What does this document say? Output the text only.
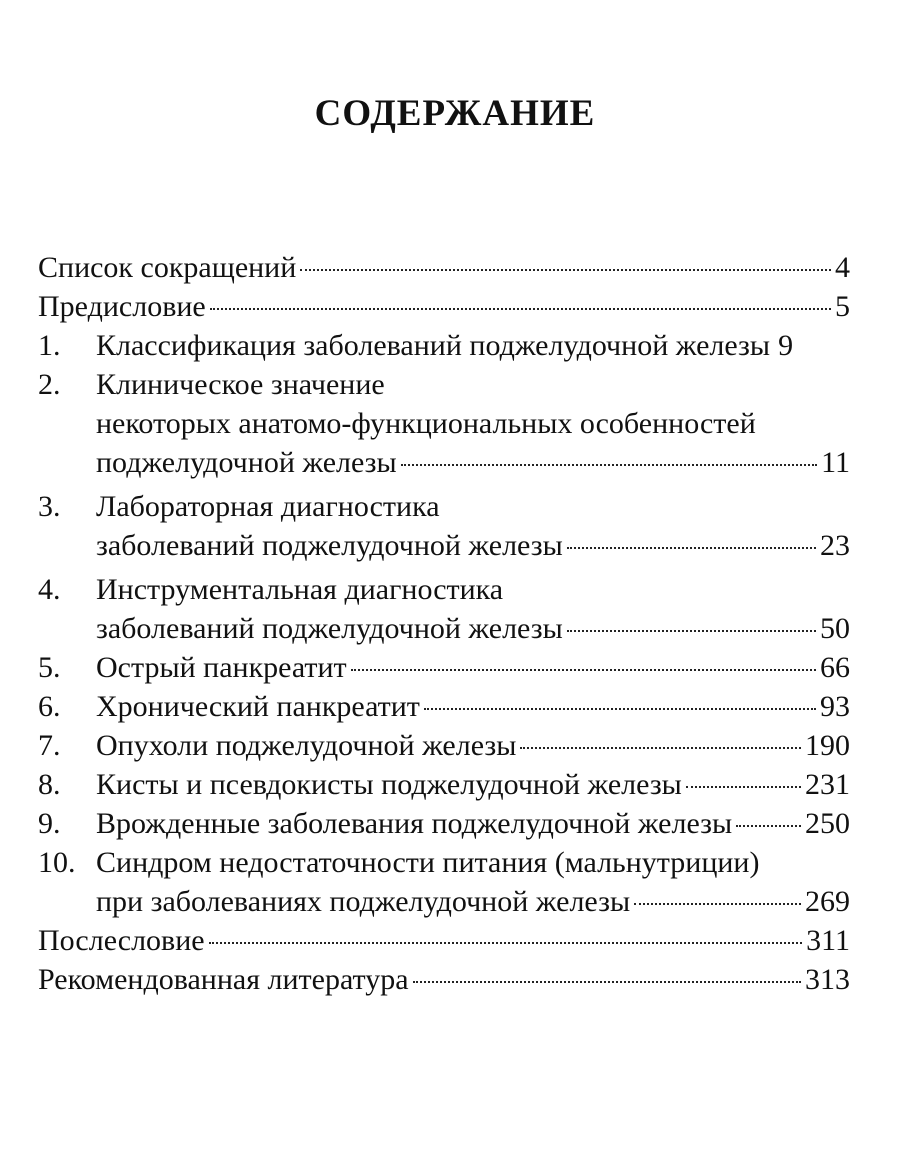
СОДЕРЖАНИЕ
Список сокращений	4
Предисловие	5
1.	Классификация заболеваний поджелудочной железы 9
2.	Клиническое значение
некоторых анатомо-функциональных особенностей
поджелудочной железы	11
3.	Лабораторная диагностика
заболеваний поджелудочной железы	23
4.	Инструментальная диагностика
заболеваний поджелудочной железы	50
5.	Острый панкреатит	66
6.	Хронический панкреатит	93
7.	Опухоли поджелудочной железы	190
8.	Кисты и псевдокисты поджелудочной железы	231
9.	Врожденные заболевания поджелудочной железы 250
10. Синдром недостаточности питания (мальнутриции)
при заболеваниях поджелудочной железы	269
Послесловие	311
Рекомендованная литература	313
